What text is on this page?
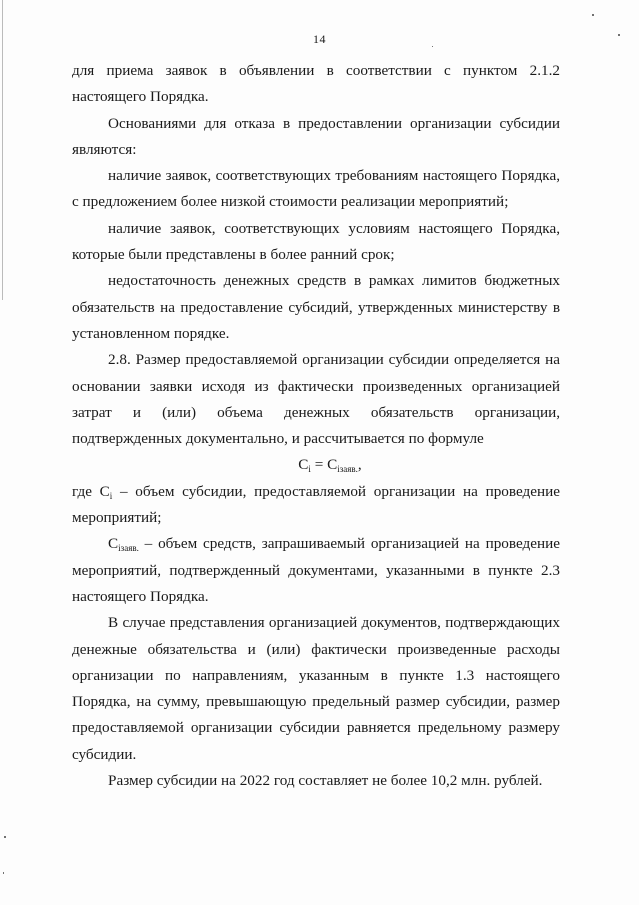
14

для приема заявок в объявлении в соответствии с пунктом 2.1.2 настоящего Порядка.

Основаниями для отказа в предоставлении организации субсидии являются:

наличие заявок, соответствующих требованиям настоящего Порядка, с предложением более низкой стоимости реализации мероприятий;

наличие заявок, соответствующих условиям настоящего Порядка, которые были представлены в более ранний срок;

недостаточность денежных средств в рамках лимитов бюджетных обязательств на предоставление субсидий, утвержденных министерству в установленном порядке.

2.8. Размер предоставляемой организации субсидии определяется на основании заявки исходя из фактически произведенных организацией затрат и (или) объема денежных обязательств организации, подтвержденных документально, и рассчитывается по формуле

$C_i = C_{iзаяв.}$,

где $C_i$ – объем субсидии, предоставляемой организации на проведение мероприятий;

$C_{iзаяв.}$ – объем средств, запрашиваемый организацией на проведение мероприятий, подтвержденный документами, указанными в пункте 2.3 настоящего Порядка.

В случае представления организацией документов, подтверждающих денежные обязательства и (или) фактически произведенные расходы организации по направлениям, указанным в пункте 1.3 настоящего Порядка, на сумму, превышающую предельный размер субсидии, размер предоставляемой организации субсидии равняется предельному размеру субсидии.

Размер субсидии на 2022 год составляет не более 10,2 млн. рублей.
